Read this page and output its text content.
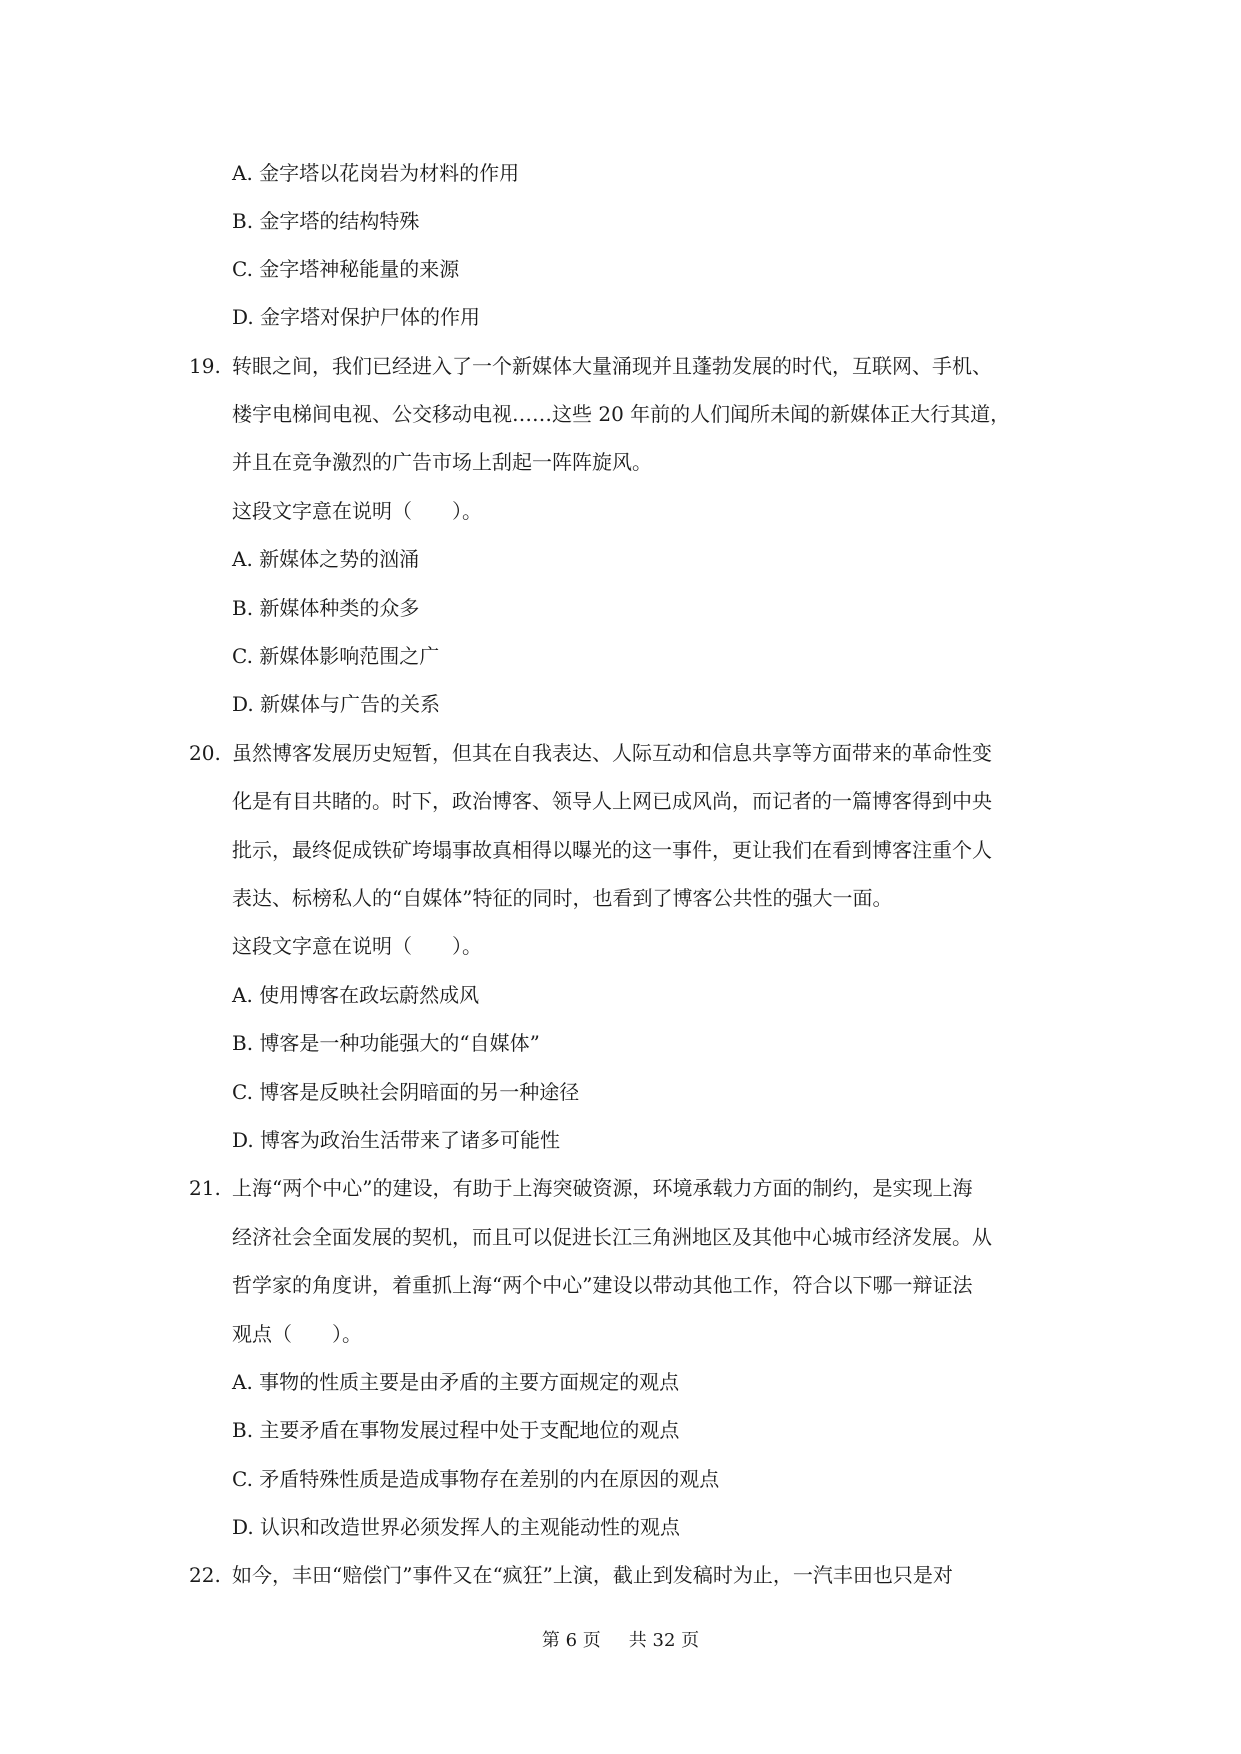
A. 金字塔以花岗岩为材料的作用
B. 金字塔的结构特殊
C. 金字塔神秘能量的来源
D. 金字塔对保护尸体的作用
19. 转眼之间，我们已经进入了一个新媒体大量涌现并且蓬勃发展的时代，互联网、手机、
楼宇电梯间电视、公交移动电视……这些 20 年前的人们闻所未闻的新媒体正大行其道，
并且在竞争激烈的广告市场上刮起一阵阵旋风。
这段文字意在说明（　　）。
A. 新媒体之势的汹涌
B. 新媒体种类的众多
C. 新媒体影响范围之广
D. 新媒体与广告的关系
20. 虽然博客发展历史短暂，但其在自我表达、人际互动和信息共享等方面带来的革命性变
化是有目共睹的。时下，政治博客、领导人上网已成风尚，而记者的一篇博客得到中央
批示，最终促成铁矿垮塌事故真相得以曝光的这一事件，更让我们在看到博客注重个人
表达、标榜私人的“自媒体”特征的同时，也看到了博客公共性的强大一面。
这段文字意在说明（　　）。
A. 使用博客在政坛蔚然成风
B. 博客是一种功能强大的“自媒体”
C. 博客是反映社会阴暗面的另一种途径
D. 博客为政治生活带来了诸多可能性
21. 上海“两个中心”的建设，有助于上海突破资源，环境承载力方面的制约，是实现上海
经济社会全面发展的契机，而且可以促进长江三角洲地区及其他中心城市经济发展。从
哲学家的角度讲，着重抓上海“两个中心”建设以带动其他工作，符合以下哪一辩证法
观点（　　）。
A. 事物的性质主要是由矛盾的主要方面规定的观点
B. 主要矛盾在事物发展过程中处于支配地位的观点
C. 矛盾特殊性质是造成事物存在差别的内在原因的观点
D. 认识和改造世界必须发挥人的主观能动性的观点
22. 如今，丰田“赔偿门”事件又在“疯狂”上演，截止到发稿时为止，一汽丰田也只是对
第 6 页 共 32 页
